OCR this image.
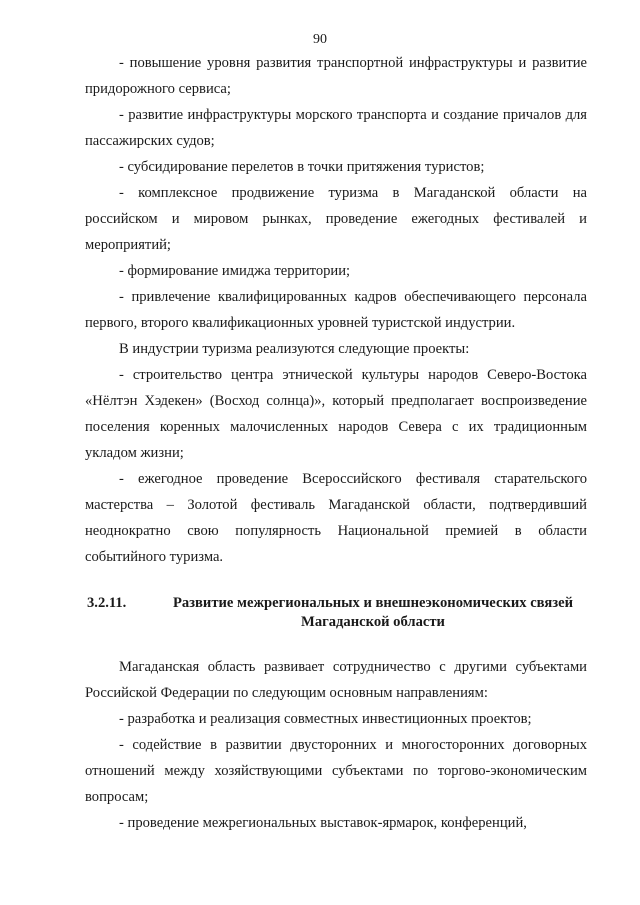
90

- повышение уровня развития транспортной инфраструктуры и развитие придорожного сервиса;

- развитие инфраструктуры морского транспорта и создание причалов для пассажирских судов;

- субсидирование перелетов в точки притяжения туристов;

- комплексное продвижение туризма в Магаданской области на российском и мировом рынках, проведение ежегодных фестивалей и мероприятий;

- формирование имиджа территории;

- привлечение квалифицированных кадров обеспечивающего персонала первого, второго квалификационных уровней туристской индустрии.

В индустрии туризма реализуются следующие проекты:

- строительство центра этнической культуры народов Северо-Востока «Нёлтэн Хэдекен» (Восход солнца)», который предполагает воспроизведение поселения коренных малочисленных народов Севера с их традиционным укладом жизни;

- ежегодное проведение Всероссийского фестиваля старательского мастерства – Золотой фестиваль Магаданской области, подтвердивший неоднократно свою популярность Национальной премией в области событийного туризма.

3.2.11.	Развитие межрегиональных и внешнеэкономических связей Магаданской области

Магаданская область развивает сотрудничество с другими субъектами Российской Федерации по следующим основным направлениям:

- разработка и реализация совместных инвестиционных проектов;

- содействие в развитии двусторонних и многосторонних договорных отношений между хозяйствующими субъектами по торгово-экономическим вопросам;

- проведение межрегиональных выставок-ярмарок, конференций,
